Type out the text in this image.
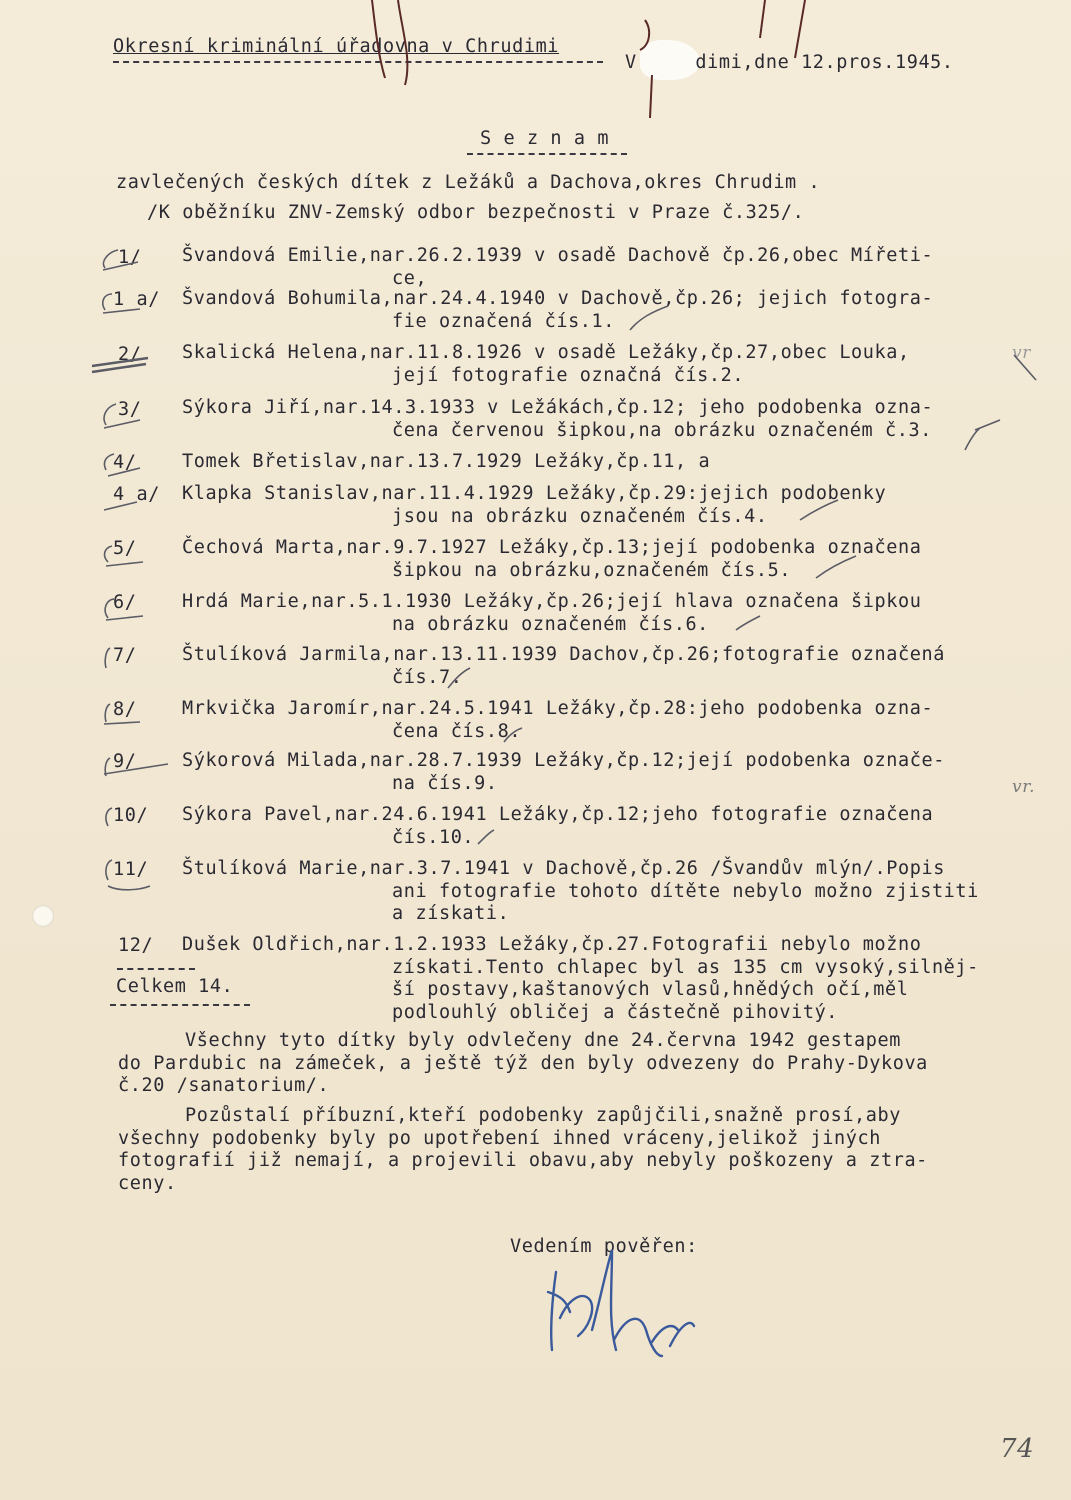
Okresní kriminální úřadovna v Chrudimi
V     dimi,dne 12.pros.1945.
S e z n a m
zavlečených českých dítek z Ležáků a Dachova,okres Chrudim .
/K oběžníku ZNV-Zemský odbor bezpečnosti v Praze č.325/.
1/ Švandová Emilie,nar.26.2.1939 v osadě Dachově čp.26,obec Mířeti-
ce,
1 a/ Švandová Bohumila,nar.24.4.1940 v Dachově,čp.26; jejich fotogra-
fie označená čís.1.
2/ Skalická Helena,nar.11.8.1926 v osadě Ležáky,čp.27,obec Louka,
její fotografie označná čís.2.
3/ Sýkora Jiří,nar.14.3.1933 v Ležákách,čp.12; jeho podobenka ozna-
čena červenou šipkou,na obrázku označeném č.3.
4/ Tomek Břetislav,nar.13.7.1929 Ležáky,čp.11, a
4 a/ Klapka Stanislav,nar.11.4.1929 Ležáky,čp.29:jejich podobenky
jsou na obrázku označeném čís.4.
5/ Čechová Marta,nar.9.7.1927 Ležáky,čp.13;její podobenka označena
šipkou na obrázku,označeném čís.5.
6/ Hrdá Marie,nar.5.1.1930 Ležáky,čp.26;její hlava označena šipkou
na obrázku označeném čís.6.
7/ Štulíková Jarmila,nar.13.11.1939 Dachov,čp.26;fotografie označená
čís.7.
8/ Mrkvička Jaromír,nar.24.5.1941 Ležáky,čp.28:jeho podobenka ozna-
čena čís.8.
9/ Sýkorová Milada,nar.28.7.1939 Ležáky,čp.12;její podobenka označe-
na čís.9.
10/ Sýkora Pavel,nar.24.6.1941 Ležáky,čp.12;jeho fotografie označena
čís.10.
11/ Štulíková Marie,nar.3.7.1941 v Dachově,čp.26 /Švandův mlýn/.Popis
ani fotografie tohoto dítěte nebylo možno zjistiti
a získati.
12/ Dušek Oldřich,nar.1.2.1933 Ležáky,čp.27.Fotografii nebylo možno
získati.Tento chlapec byl as 135 cm vysoký,silněj-
ší postavy,kaštanových vlasů,hnědých očí,měl
podlouhlý obličej a částečně pihovitý.
Celkem 14.
Všechny tyto dítky byly odvlečeny dne 24.června 1942 gestapem
do Pardubic na zámeček, a ještě týž den byly odvezeny do Prahy-Dykova
č.20 /sanatorium/.
Pozůstalí příbuzní,kteří podobenky zapůjčili,snažně prosí,aby
všechny podobenky byly po upotřebení ihned vráceny,jelikož jiných
fotografií již nemají, a projevili obavu,aby nebyly poškozeny a ztra-
ceny.
Vedením pověřen:
vr
vr.
74
